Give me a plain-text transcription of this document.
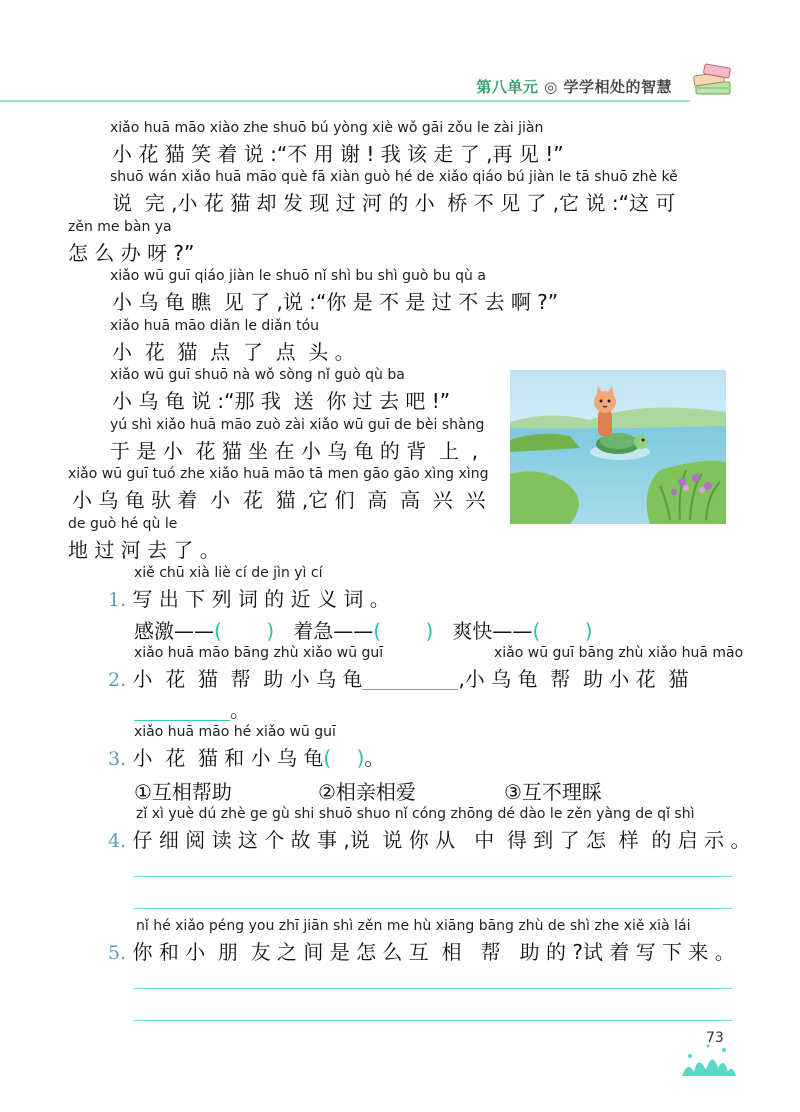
第八单元 ◎ 学学相处的智慧
xiǎo huā māo xiào zhe shuō bú yòng xiè wǒ gāi zǒu le zài jiàn
小 花 猫 笑 着 说 :“不 用 谢 ! 我 该 走 了 ,再 见 !”
shuō wán xiǎo huā māo què fā xiàn guò hé de xiǎo qiáo bú jiàn le tā shuō zhè kě
说  完 ,小 花 猫 却 发 现 过 河 的 小  桥 不 见 了 ,它 说 :“这 可
zěn me bàn ya
怎 么 办 呀 ?”
xiǎo wū guī qiáo jiàn le shuō nǐ shì bu shì guò bu qù a
小 乌 龟 瞧  见 了 ,说 :“你 是 不 是 过 不 去 啊 ?”
xiǎo huā māo diǎn le diǎn tóu
小  花  猫  点  了  点  头 。
xiǎo wū guī shuō nà wǒ sòng nǐ guò qù ba
小 乌 龟 说 :“那 我  送  你 过 去 吧 !”
yú shì xiǎo huā māo zuò zài xiǎo wū guī de bèi shàng
于 是 小  花 猫 坐 在 小 乌 龟 的 背  上  ,
xiǎo wū guī tuó zhe xiǎo huā māo tā men gāo gāo xìng xìng
小 乌 龟 驮 着  小  花  猫 ,它 们  高  高  兴  兴
de guò hé qù le
地 过 河 去 了 。
xiě chū xià liè cí de jìn yì cí
1. 写 出 下 列 词 的 近 义 词 。
感激——( ) 着急——( ) 爽快——( )
xiǎo huā māo bāng zhù xiǎo wū guī	xiǎo wū guī bāng zhù xiǎo huā māo
2. 小  花  猫  帮  助 小 乌 龟	,小 乌 龟  帮  助 小 花  猫
。
xiǎo huā māo hé xiǎo wū guī
3. 小  花  猫 和 小 乌 龟( )。
①互相帮助	②相亲相爱	③互不理睬
zǐ xì yuè dú zhè ge gù shi shuō shuo nǐ cóng zhōng dé dào le zěn yàng de qǐ shì
4. 仔 细 阅 读 这 个 故 事 ,说  说 你 从   中  得 到 了 怎  样  的 启 示 。
nǐ hé xiǎo péng you zhī jiān shì zěn me hù xiāng bāng zhù de shì zhe xiě xià lái
5. 你 和 小  朋  友 之 间 是 怎 么 互  相   帮   助 的 ?试 着 写 下 来 。
73
